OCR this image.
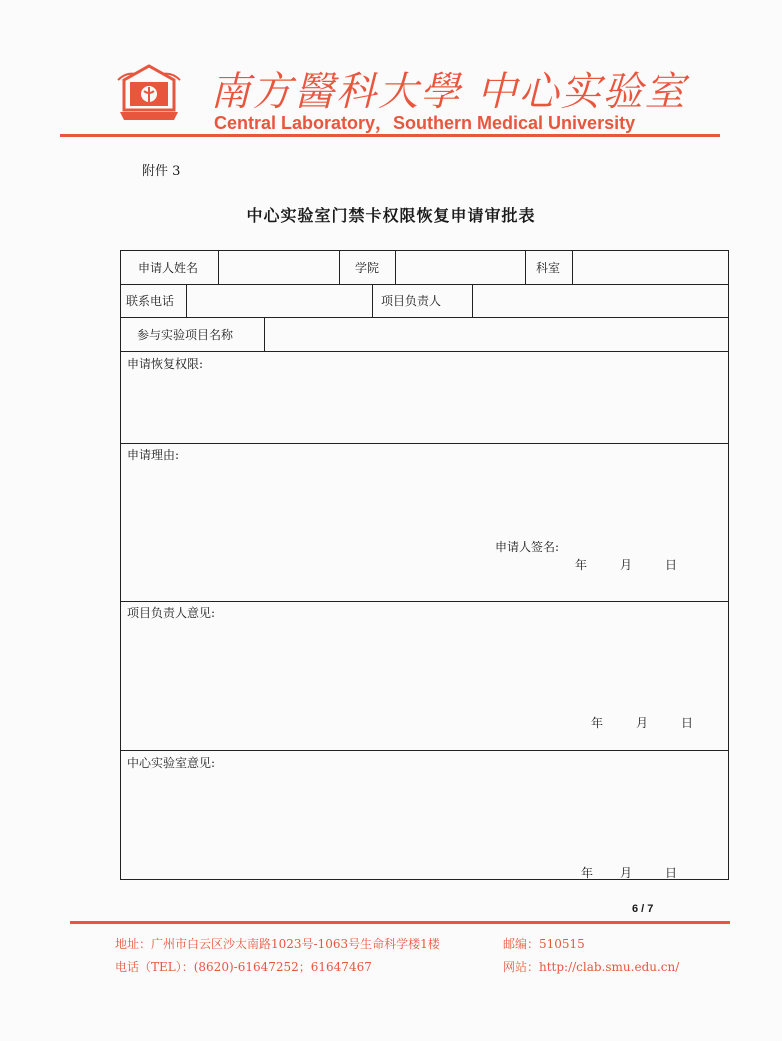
南方醫科大學 中心实验室
Central Laboratory，Southern Medical University
附件 3
中心实验室门禁卡权限恢复申请审批表
申请人姓名	学院	科室
联系电话	项目负责人
参与实验项目名称
申请恢复权限:
申请理由:
申请人签名:
年	月	日
项目负责人意见:
年	月	日
中心实验室意见:
年 月	日
6 / 7
地址：广州市白云区沙太南路1023号-1063号生命科学楼1楼	邮编：510515
电话（TEL）：(8620)-61647252；61647467	网站：http://clab.smu.edu.cn/
